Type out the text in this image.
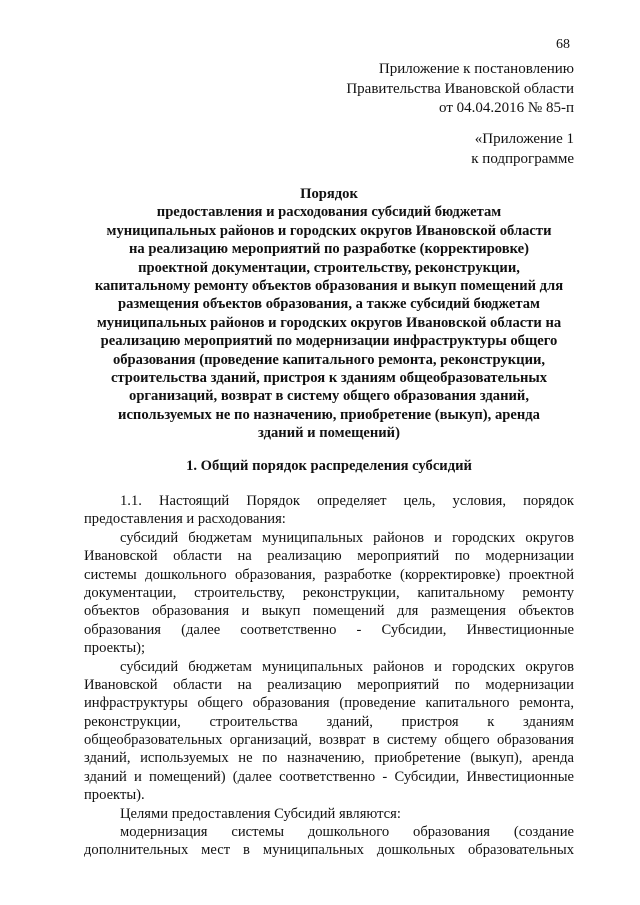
68
Приложение к постановлению
Правительства Ивановской области
от 04.04.2016 № 85-п
«Приложение 1
к подпрограмме
Порядок
предоставления и расходования субсидий бюджетам
муниципальных районов и городских округов Ивановской области
на реализацию мероприятий по разработке (корректировке)
проектной документации, строительству, реконструкции,
капитальному ремонту объектов образования и выкуп помещений для
размещения объектов образования, а также субсидий бюджетам
муниципальных районов и городских округов Ивановской области на
реализацию мероприятий по модернизации инфраструктуры общего
образования (проведение капитального ремонта, реконструкции,
строительства зданий, пристроя к зданиям общеобразовательных
организаций, возврат в систему общего образования зданий,
используемых не по назначению, приобретение (выкуп), аренда
зданий и помещений)
1. Общий порядок распределения субсидий
1.1. Настоящий Порядок определяет цель, условия, порядок
предоставления и расходования:
субсидий бюджетам муниципальных районов и городских округов
Ивановской области на реализацию мероприятий по модернизации
системы дошкольного образования, разработке (корректировке) проектной
документации, строительству, реконструкции, капитальному ремонту
объектов образования и выкуп помещений для размещения объектов
образования (далее соответственно - Субсидии, Инвестиционные
проекты);
субсидий бюджетам муниципальных районов и городских округов
Ивановской области на реализацию мероприятий по модернизации
инфраструктуры общего образования (проведение капитального ремонта,
реконструкции, строительства зданий, пристроя к зданиям
общеобразовательных организаций, возврат в систему общего образования
зданий, используемых не по назначению, приобретение (выкуп), аренда
зданий и помещений) (далее соответственно - Субсидии, Инвестиционные
проекты).
Целями предоставления Субсидий являются:
модернизация системы дошкольного образования (создание
дополнительных мест в муниципальных дошкольных образовательных
